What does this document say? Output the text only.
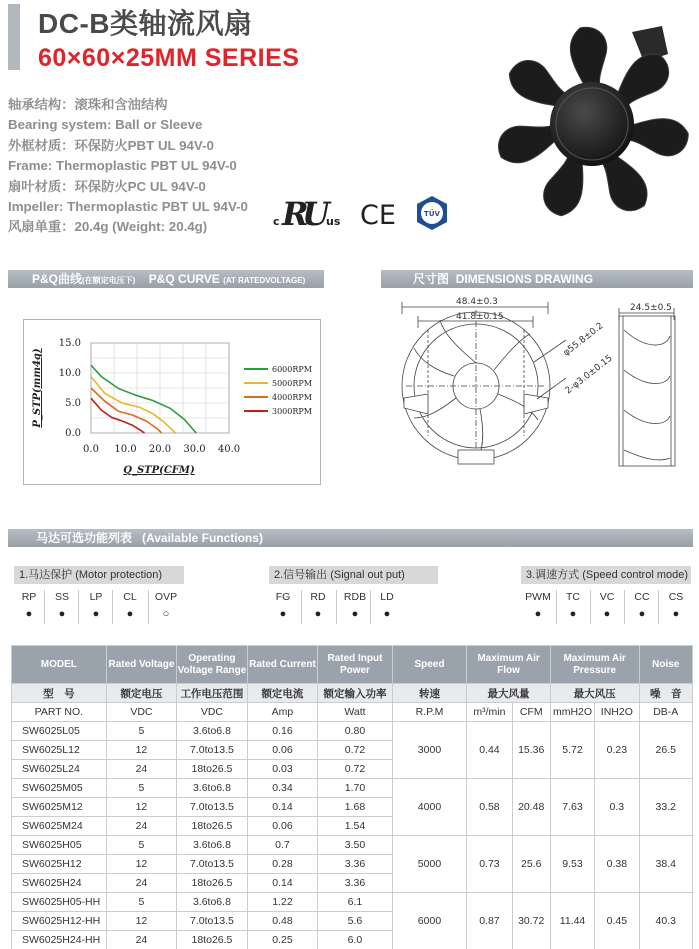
DC-B类轴流风扇
60×60×25MM SERIES
轴承结构：滚珠和含油结构
Bearing system: Ball or Sleeve
外框材质：环保防火PBT UL 94V-0
Frame: Thermoplastic PBT UL 94V-0
扇叶材质：环保防火PC UL 94V-0
Impeller: Thermoplastic PBT UL 94V-0
风扇单重：20.4g (Weight: 20.4g)	c R
U
us CE	TÜV
P&Q曲线(在额定电压下) P&Q CURVE (AT RATEDVOLTAGE)	尺寸图 DIMENSIONS DRAWING
0.0 10.0 20.0 30.0 40.0
0.0
5.0
10.0
15.0
Q_STP(CFM)
P_STP(mm4q)	6000RPM
5000RPM
4000RPM
3000RPM
48.4±0.3
41.8±0.15
24.5±0.5
φ55.8±0.2
2-φ3.0±0.15
马达可选功能列表 (Available Functions)
1.马达保护 (Motor protection)	2.信号输出 (Signal out put)	3.调速方式 (Speed control mode)
RP	SS	LP	CL	OVP
●	●	●	●	○
FG	RD	RDB	LD
●	●	●	●
PWM	TC	VC	CC	CS
●	●	●	●	●
MODEL	Rated Voltage	Operating Voltage Range	Rated Current	Rated Input Power	Speed	Maximum Air Flow		Maximum Air Pressure		Noise
型　号	额定电压	工作电压范围	额定电流	额定输入功率	转速	最大风量		最大风压		噪　音
PART NO.	VDC	VDC	Amp	Watt	R.P.M	m³/min	CFM	mmH2O	INH2O	DB-A
SW6025L05	5	3.6to6.8	0.16	0.80	3000	0.44	15.36	5.72	0.23	26.5
SW6025L12	12	7.0to13.5	0.06	0.72						
SW6025L24	24	18to26.5	0.03	0.72						
SW6025M05	5	3.6to6.8	0.34	1.70	4000	0.58	20.48	7.63	0.3	33.2
SW6025M12	12	7.0to13.5	0.14	1.68						
SW6025M24	24	18to26.5	0.06	1.54						
SW6025H05	5	3.6to6.8	0.7	3.50	5000	0.73	25.6	9.53	0.38	38.4
SW6025H12	12	7.0to13.5	0.28	3.36						
SW6025H24	24	18to26.5	0.14	3.36						
SW6025H05-HH	5	3.6to6.8	1.22	6.1	6000	0.87	30.72	11.44	0.45	40.3
SW6025H12-HH	12	7.0to13.5	0.48	5.6						
SW6025H24-HH	24	18to26.5	0.25	6.0						
